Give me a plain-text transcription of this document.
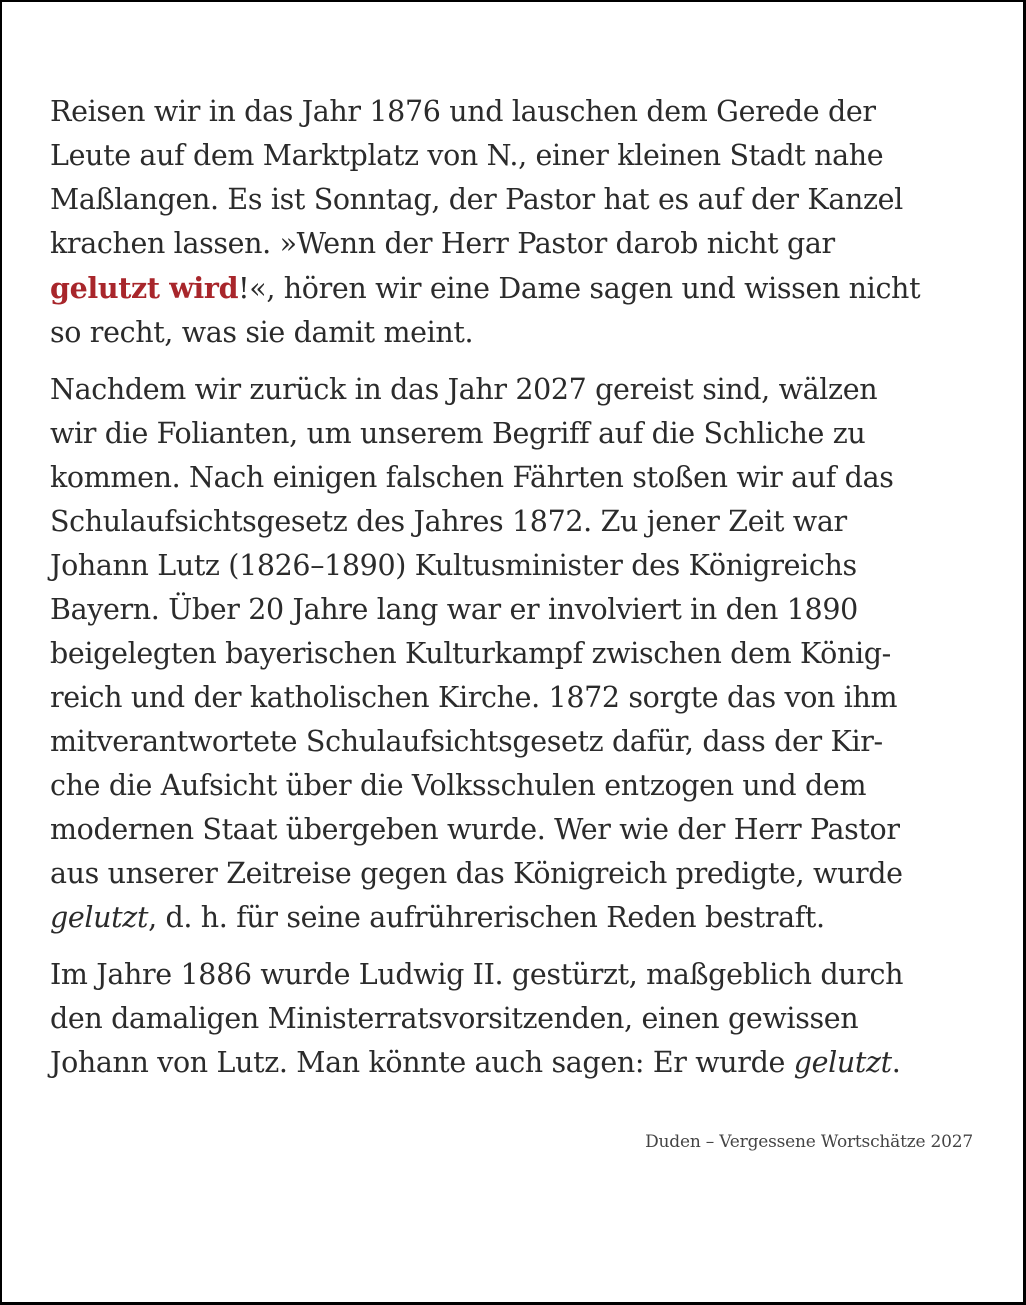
Reisen wir in das Jahr 1876 und lauschen dem Gerede der
Leute auf dem Marktplatz von N., einer kleinen Stadt nahe
Maßlangen. Es ist Sonntag, der Pastor hat es auf der Kanzel
krachen lassen. »Wenn der Herr Pastor darob nicht gar
gelutzt wird!«, hören wir eine Dame sagen und wissen nicht
so recht, was sie damit meint.

Nachdem wir zurück in das Jahr 2027 gereist sind, wälzen
wir die Folianten, um unserem Begriff auf die Schliche zu
kommen. Nach einigen falschen Fährten stoßen wir auf das
Schulaufsichtsgesetz des Jahres 1872. Zu jener Zeit war
Johann Lutz (1826–1890) Kultusminister des Königreichs
Bayern. Über 20 Jahre lang war er involviert in den 1890
beigelegten bayerischen Kulturkampf zwischen dem König-
reich und der katholischen Kirche. 1872 sorgte das von ihm
mitverantwortete Schulaufsichtsgesetz dafür, dass der Kir-
che die Aufsicht über die Volksschulen entzogen und dem
modernen Staat übergeben wurde. Wer wie der Herr Pastor
aus unserer Zeitreise gegen das Königreich predigte, wurde
gelutzt, d. h. für seine aufrührerischen Reden bestraft.

Im Jahre 1886 wurde Ludwig II. gestürzt, maßgeblich durch
den damaligen Ministerratsvorsitzenden, einen gewissen
Johann von Lutz. Man könnte auch sagen: Er wurde gelutzt.

Duden – Vergessene Wortschätze 2027
